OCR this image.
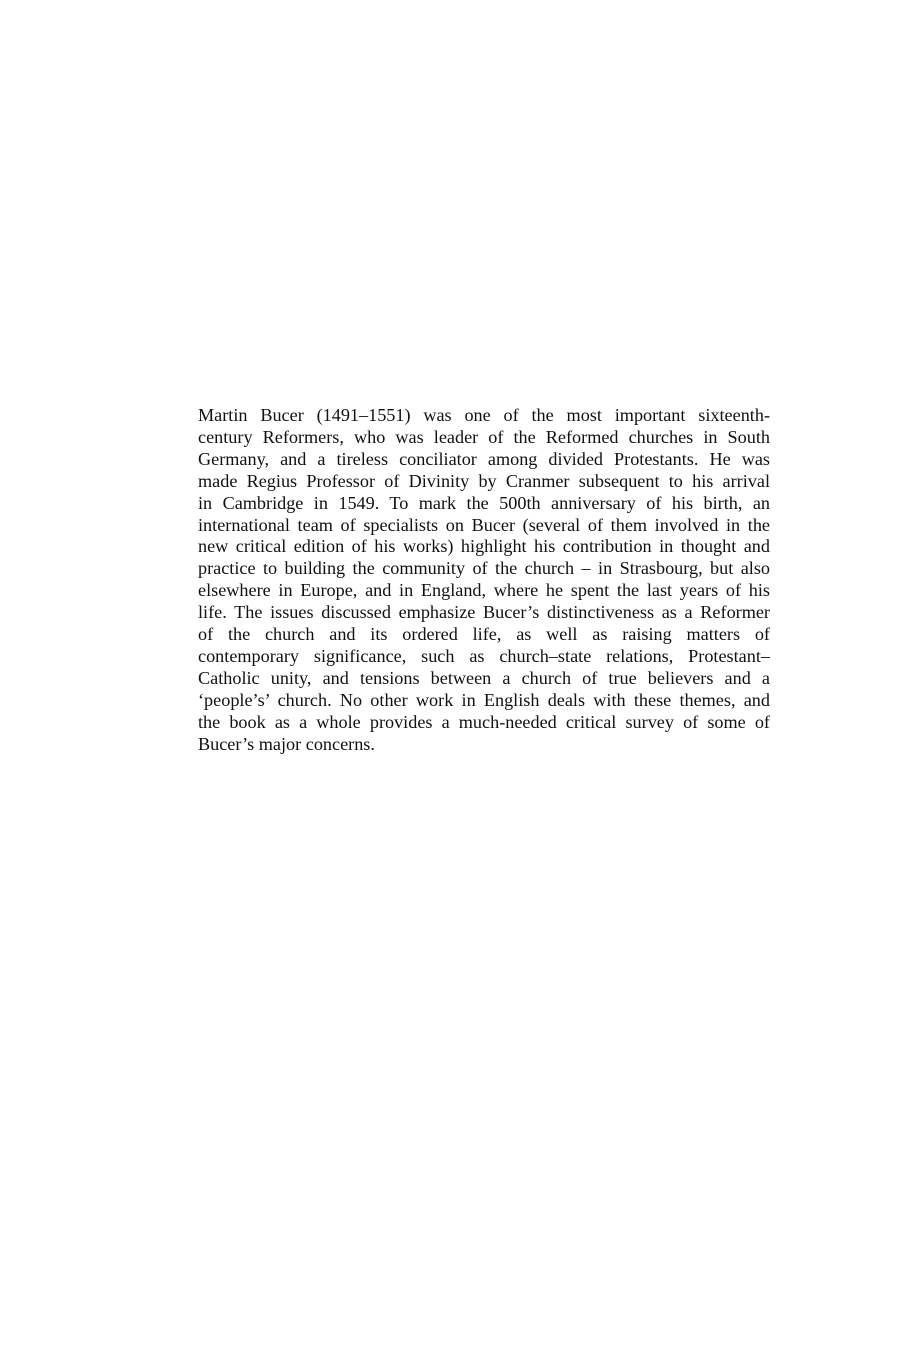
Martin Bucer (1491–1551) was one of the most important sixteenth-
century Reformers, who was leader of the Reformed churches in South
Germany, and a tireless conciliator among divided Protestants. He was
made Regius Professor of Divinity by Cranmer subsequent to his arrival
in Cambridge in 1549. To mark the 500th anniversary of his birth, an
international team of specialists on Bucer (several of them involved in the
new critical edition of his works) highlight his contribution in thought and
practice to building the community of the church – in Strasbourg, but also
elsewhere in Europe, and in England, where he spent the last years of his
life. The issues discussed emphasize Bucer’s distinctiveness as a Reformer
of the church and its ordered life, as well as raising matters of
contemporary significance, such as church–state relations, Protestant–
Catholic unity, and tensions between a church of true believers and a
‘people’s’ church. No other work in English deals with these themes, and
the book as a whole provides a much-needed critical survey of some of
Bucer’s major concerns.
